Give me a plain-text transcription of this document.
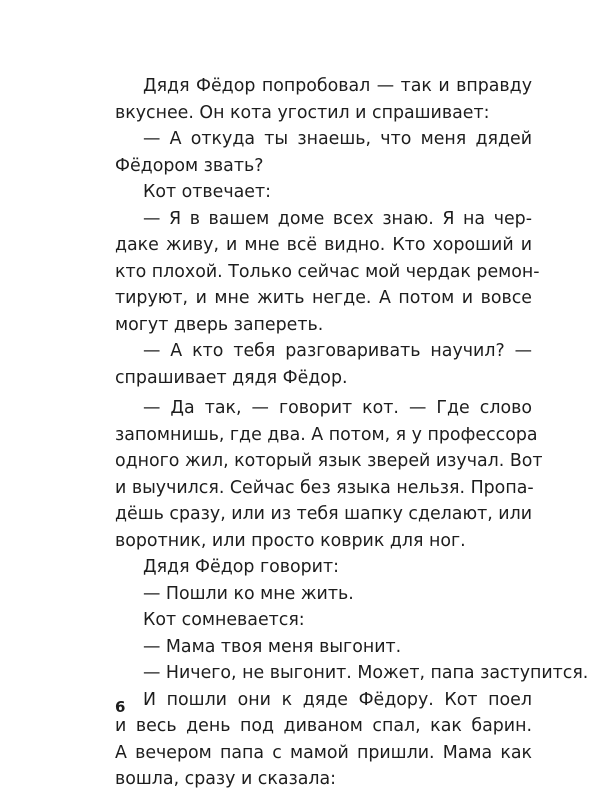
Дядя Фёдор попробовал — так и вправду
вкуснее. Он кота угостил и спрашивает:
— А откуда ты знаешь, что меня дядей
Фёдором звать?
Кот отвечает:
— Я в вашем доме всех знаю. Я на чер-
даке живу, и мне всё видно. Кто хороший и
кто плохой. Только сейчас мой чердак ремон-
тируют, и мне жить негде. А потом и вовсе
могут дверь запереть.
— А кто тебя разговаривать научил? —
спрашивает дядя Фёдор.
— Да так, — говорит кот. — Где слово
запомнишь, где два. А потом, я у профессора
одного жил, который язык зверей изучал. Вот
и выучился. Сейчас без языка нельзя. Пропа-
дёшь сразу, или из тебя шапку сделают, или
воротник, или просто коврик для ног.
Дядя Фёдор говорит:
— Пошли ко мне жить.
Кот сомневается:
— Мама твоя меня выгонит.
— Ничего, не выгонит. Может, папа заступится.
И пошли они к дяде Фёдору. Кот поел
и весь день под диваном спал, как барин.
А вечером папа с мамой пришли. Мама как
вошла, сразу и сказала:
6
